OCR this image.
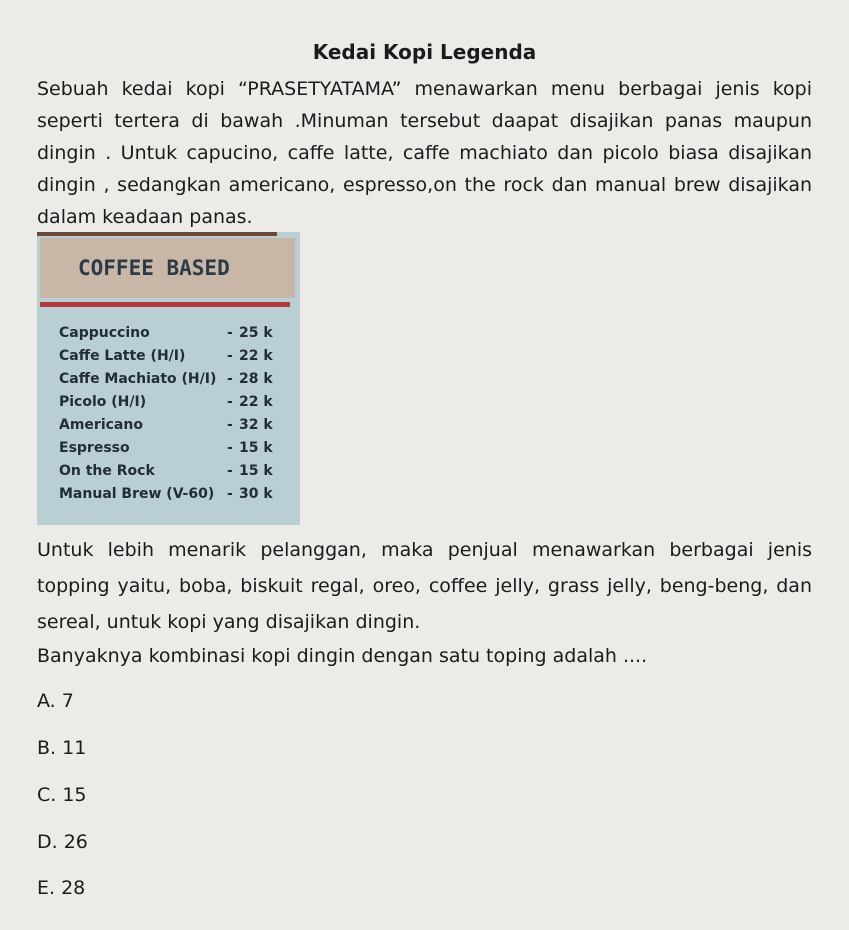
Kedai Kopi Legenda
Sebuah kedai kopi “PRASETYATAMA” menawarkan menu berbagai jenis kopi seperti tertera di bawah .Minuman tersebut daapat disajikan panas maupun dingin . Untuk capucino, caffe latte, caffe machiato dan picolo biasa disajikan dingin , sedangkan americano, espresso,on the rock dan manual brew disajikan dalam keadaan panas.
COFFEE BASED
Cappuccino	- 25 k
Caffe Latte (H/I)	- 22 k
Caffe Machiato (H/I) - 28 k
Picolo (H/I)	- 22 k
Americano	- 32 k
Espresso	- 15 k
On the Rock	- 15 k
Manual Brew (V-60) - 30 k
Untuk lebih menarik pelanggan, maka penjual menawarkan berbagai jenis topping yaitu, boba, biskuit regal, oreo, coffee jelly, grass jelly, beng-beng, dan sereal, untuk kopi yang disajikan dingin.
Banyaknya kombinasi kopi dingin dengan satu toping adalah ....
A. 7
B. 11
C. 15
D. 26
E. 28
